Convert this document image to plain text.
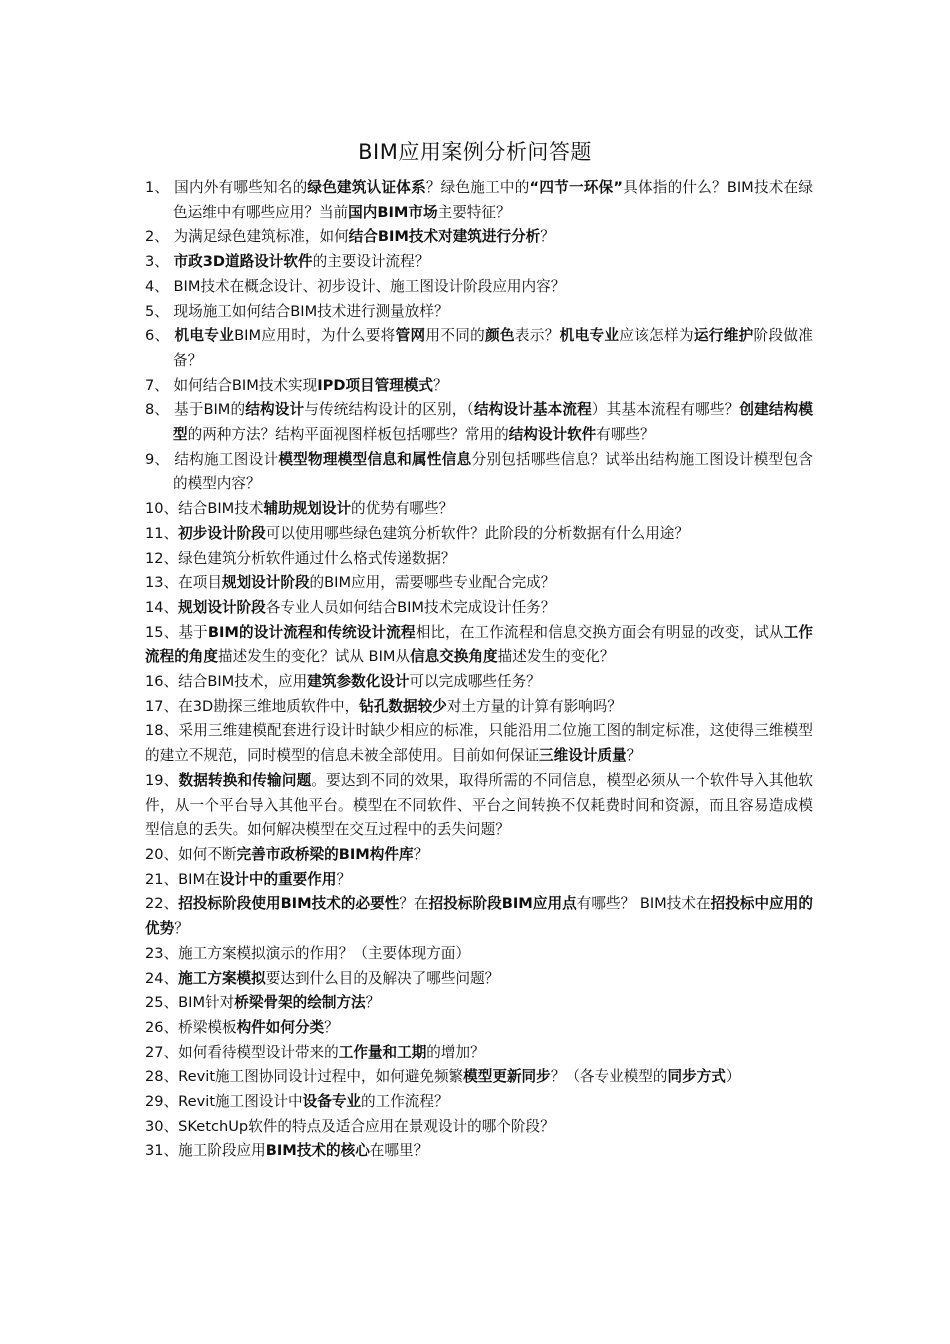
BIM应用案例分析问答题
1、 国内外有哪些知名的绿色建筑认证体系？绿色施工中的“四节一环保”具体指的什么？BIM技术在绿色运维中有哪些应用？当前国内BIM市场主要特征？
2、 为满足绿色建筑标准，如何结合BIM技术对建筑进行分析？
3、 市政3D道路设计软件的主要设计流程？
4、 BIM技术在概念设计、初步设计、施工图设计阶段应用内容？
5、 现场施工如何结合BIM技术进行测量放样？
6、 机电专业BIM应用时，为什么要将管网用不同的颜色表示？机电专业应该怎样为运行维护阶段做准备？
7、 如何结合BIM技术实现IPD项目管理模式？
8、 基于BIM的结构设计与传统结构设计的区别，（结构设计基本流程）其基本流程有哪些？创建结构模型的两种方法？结构平面视图样板包括哪些？常用的结构设计软件有哪些？
9、 结构施工图设计模型物理模型信息和属性信息分别包括哪些信息？试举出结构施工图设计模型包含的模型内容？
10、结合BIM技术辅助规划设计的优势有哪些？
11、初步设计阶段可以使用哪些绿色建筑分析软件？此阶段的分析数据有什么用途？
12、绿色建筑分析软件通过什么格式传递数据？
13、在项目规划设计阶段的BIM应用，需要哪些专业配合完成？
14、规划设计阶段各专业人员如何结合BIM技术完成设计任务？
15、基于BIM的设计流程和传统设计流程相比，在工作流程和信息交换方面会有明显的改变，试从工作流程的角度描述发生的变化？试从 BIM从信息交换角度描述发生的变化？
16、结合BIM技术，应用建筑参数化设计可以完成哪些任务？
17、在3D勘探三维地质软件中，钻孔数据较少对土方量的计算有影响吗？
18、采用三维建模配套进行设计时缺少相应的标准，只能沿用二位施工图的制定标准，这使得三维模型的建立不规范，同时模型的信息未被全部使用。目前如何保证三维设计质量？
19、数据转换和传输问题。要达到不同的效果，取得所需的不同信息，模型必须从一个软件导入其他软件，从一个平台导入其他平台。模型在不同软件、平台之间转换不仅耗费时间和资源，而且容易造成模型信息的丢失。如何解决模型在交互过程中的丢失问题？
20、如何不断完善市政桥梁的BIM构件库？
21、BIM在设计中的重要作用？
22、招投标阶段使用BIM技术的必要性？在招投标阶段BIM应用点有哪些？ BIM技术在招投标中应用的优势？
23、施工方案模拟演示的作用？（主要体现方面）
24、施工方案模拟要达到什么目的及解决了哪些问题？
25、BIM针对桥梁骨架的绘制方法？
26、桥梁模板构件如何分类？
27、如何看待模型设计带来的工作量和工期的增加？
28、Revit施工图协同设计过程中，如何避免频繁模型更新同步？（各专业模型的同步方式）
29、Revit施工图设计中设备专业的工作流程？
30、SKetchUp软件的特点及适合应用在景观设计的哪个阶段？
31、施工阶段应用BIM技术的核心在哪里？
